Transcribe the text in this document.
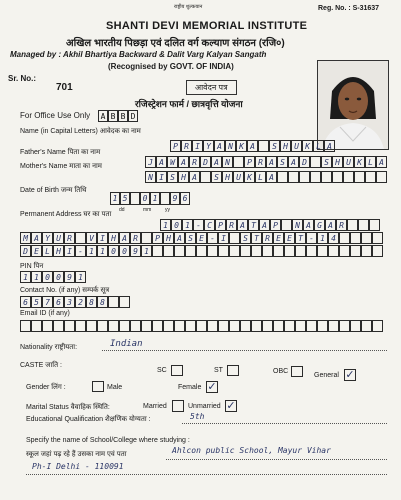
राष्ट्रीय शुल्कयान	Reg. No. : S-31637
SHANTI DEVI MEMORIAL INSTITUTE
अखिल भारतीय पिछड़ा एवं दलित वर्ग कल्याण संगठन (रजि०)
Managed by : Akhil Bhartiya Backward & Dalit Varg Kalyan Sangath
(Recognised by GOVT. OF INDIA)
Sr. No.:
701	आवेदन पत्र
रजिस्ट्रेशन फार्म / छात्रवृत्ति योजना
For Office Use Only	A B B D
Name (in Capital Letters) आवेदक का नाम
P R I Y A N K A	S H U K L A
Father's Name पिता का नाम
J A W A R D A N	P R A S A D	S H U K L A
Mother's Name माता का नाम
N I S H A	S H U K L A
Date of Birth जन्म तिथि
1 5	0 1	9 6
dd	mm	yy
Permanent Address घर का पता
1 0 1 - C P R A T A P	N A G A R
M A Y U R	V I H A R	P H A S E - I	S T R E E T - 1 4
D E L H I - 1 1 0 0 9 1
PIN पिन
1 1 0 0 9 1
Contact No. (if any) सम्पर्क सूत्र
6 5 7 6 3 2 8 8
Email ID (if any)
Nationality राष्ट्रीयता:	Indian
CASTE जाति :
SC	ST	OBC
General ✓
Gender लिंग :	Male	Female ✓
Marital Status वैवाहिक स्थिति:	Married	Unmarried ✓
Educational Qualification शैक्षणिक योग्यता :	5th
Specify the name of School/College where studying :
स्कूल जहां पढ़ रहे हैं उसका नाम एवं पता	Ahlcon public School, Mayur Vihar
Ph-I Delhi - 110091
